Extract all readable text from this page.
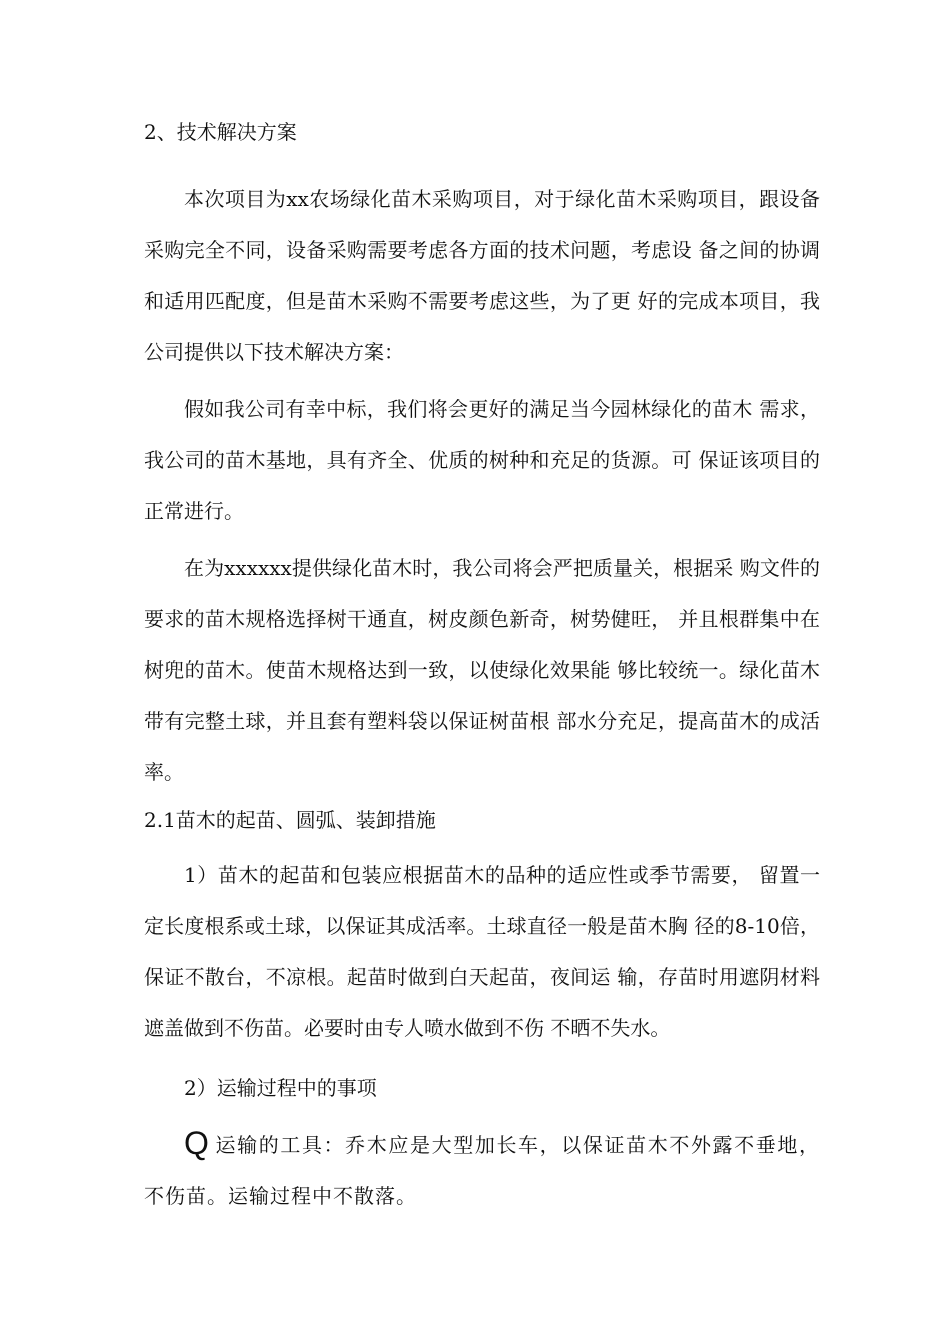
2、技术解决方案

本次项目为xx农场绿化苗木采购项目，对于绿化苗木采购项目，跟设备采购完全不同，设备采购需要考虑各方面的技术问题，考虑设 备之间的协调和适用匹配度，但是苗木采购不需要考虑这些，为了更 好的完成本项目，我公司提供以下技术解决方案：

假如我公司有幸中标，我们将会更好的满足当今园林绿化的苗木 需求，我公司的苗木基地，具有齐全、优质的树种和充足的货源。可 保证该项目的正常进行。

在为xxxxxx提供绿化苗木时，我公司将会严把质量关，根据采 购文件的要求的苗木规格选择树干通直，树皮颜色新奇，树势健旺， 并且根群集中在树兜的苗木。使苗木规格达到一致，以使绿化效果能 够比较统一。绿化苗木带有完整土球，并且套有塑料袋以保证树苗根 部水分充足，提高苗木的成活率。

2.1苗木的起苗、圆弧、装卸措施

1）苗木的起苗和包装应根据苗木的品种的适应性或季节需要， 留置一定长度根系或土球，以保证其成活率。土球直径一般是苗木胸 径的8-10倍，保证不散台，不凉根。起苗时做到白天起苗，夜间运 输，存苗时用遮阴材料遮盖做到不伤苗。必要时由专人喷水做到不伤 不晒不失水。

2）运输过程中的事项

Q运输的工具：乔木应是大型加长车，以保证苗木不外露不垂地，不伤苗。运输过程中不散落。
